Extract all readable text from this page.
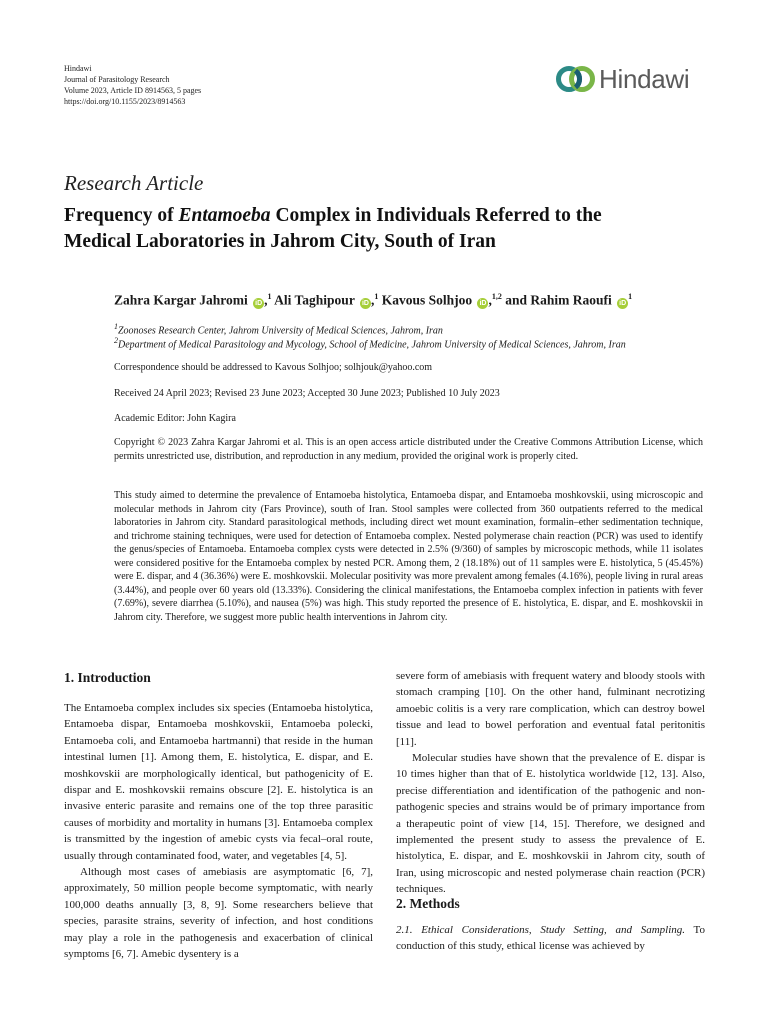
Hindawi
Journal of Parasitology Research
Volume 2023, Article ID 8914563, 5 pages
https://doi.org/10.1155/2023/8914563
Hindawi
Research Article
Frequency of Entamoeba Complex in Individuals Referred to the
Medical Laboratories in Jahrom City, South of Iran
Zahra Kargar Jahromi iD ,$^1$ Ali Taghipour iD ,$^1$ Kavous Solhjoo iD ,$^{1,2}$ and Rahim Raoufi $iD^1$
$^1$Zoonoses Research Center, Jahrom University of Medical Sciences, Jahrom, Iran
$^2$Department of Medical Parasitology and Mycology, School of Medicine, Jahrom University of Medical Sciences, Jahrom, Iran
Correspondence should be addressed to Kavous Solhjoo; solhjouk@yahoo.com
Received 24 April 2023; Revised 23 June 2023; Accepted 30 June 2023; Published 10 July 2023
Academic Editor: John Kagira
Copyright © 2023 Zahra Kargar Jahromi et al. This is an open access article distributed under the Creative Commons Attribution License, which permits unrestricted use, distribution, and reproduction in any medium, provided the original work is properly cited.
This study aimed to determine the prevalence of Entamoeba histolytica, Entamoeba dispar, and Entamoeba moshkovskii, using microscopic and molecular methods in Jahrom city (Fars Province), south of Iran. Stool samples were collected from 360 outpatients referred to the medical laboratories in Jahrom city. Standard parasitological methods, including direct wet mount examination, formalin–ether sedimentation technique, and trichrome staining techniques, were used for detection of Entamoeba complex. Nested polymerase chain reaction (PCR) was used to identify the genus/species of Entamoeba. Entamoeba complex cysts were detected in 2.5% (9/360) of samples by microscopic methods, while 11 isolates were considered positive for the Entamoeba complex by nested PCR. Among them, 2 (18.18%) out of 11 samples were E. histolytica, 5 (45.45%) were E. dispar, and 4 (36.36%) were E. moshkovskii. Molecular positivity was more prevalent among females (4.16%), people living in rural areas (3.44%), and people over 60 years old (13.33%). Considering the clinical manifestations, the Entamoeba complex infection in patients with fever (7.69%), severe diarrhea (5.10%), and nausea (5%) was high. This study reported the presence of E. histolytica, E. dispar, and E. moshkovskii in Jahrom city. Therefore, we suggest more public health interventions in Jahrom city.
1. Introduction

The Entamoeba complex includes six species (Entamoeba histolytica, Entamoeba dispar, Entamoeba moshkovskii, Entamoeba polecki, Entamoeba coli, and Entamoeba hartmanni) that reside in the human intestinal lumen [1]. Among them, E. histolytica, E. dispar, and E. moshkovskii are morphologically identical, but pathogenicity of E. dispar and E. moshkovskii remains obscure [2]. E. histolytica is an invasive enteric parasite and remains one of the top three parasitic causes of morbidity and mortality in humans [3]. Entamoeba complex is transmitted by the ingestion of amebic cysts via fecal–oral route, usually through contaminated food, water, and vegetables [4, 5].

Although most cases of amebiasis are asymptomatic [6, 7], approximately, 50 million people become symptomatic, with nearly 100,000 deaths annually [3, 8, 9]. Some researchers believe that species, parasite strains, severity of infection, and host conditions may play a role in the pathogenesis and exacerbation of clinical symptoms [6, 7]. Amebic dysentery is a

severe form of amebiasis with frequent watery and bloody stools with stomach cramping [10]. On the other hand, fulminant necrotizing amoebic colitis is a very rare complication, which can destroy bowel tissue and lead to bowel perforation and eventual fatal peritonitis [11].

Molecular studies have shown that the prevalence of E. dispar is 10 times higher than that of E. histolytica worldwide [12, 13]. Also, precise differentiation and identification of the pathogenic and non-pathogenic species and strains would be of primary importance from a therapeutic point of view [14, 15]. Therefore, we designed and implemented the present study to assess the prevalence of E. histolytica, E. dispar, and E. moshkovskii in Jahrom city, south of Iran, using microscopic and nested polymerase chain reaction (PCR) techniques.

2. Methods

2.1. Ethical Considerations, Study Setting, and Sampling. To conduction of this study, ethical license was achieved by
